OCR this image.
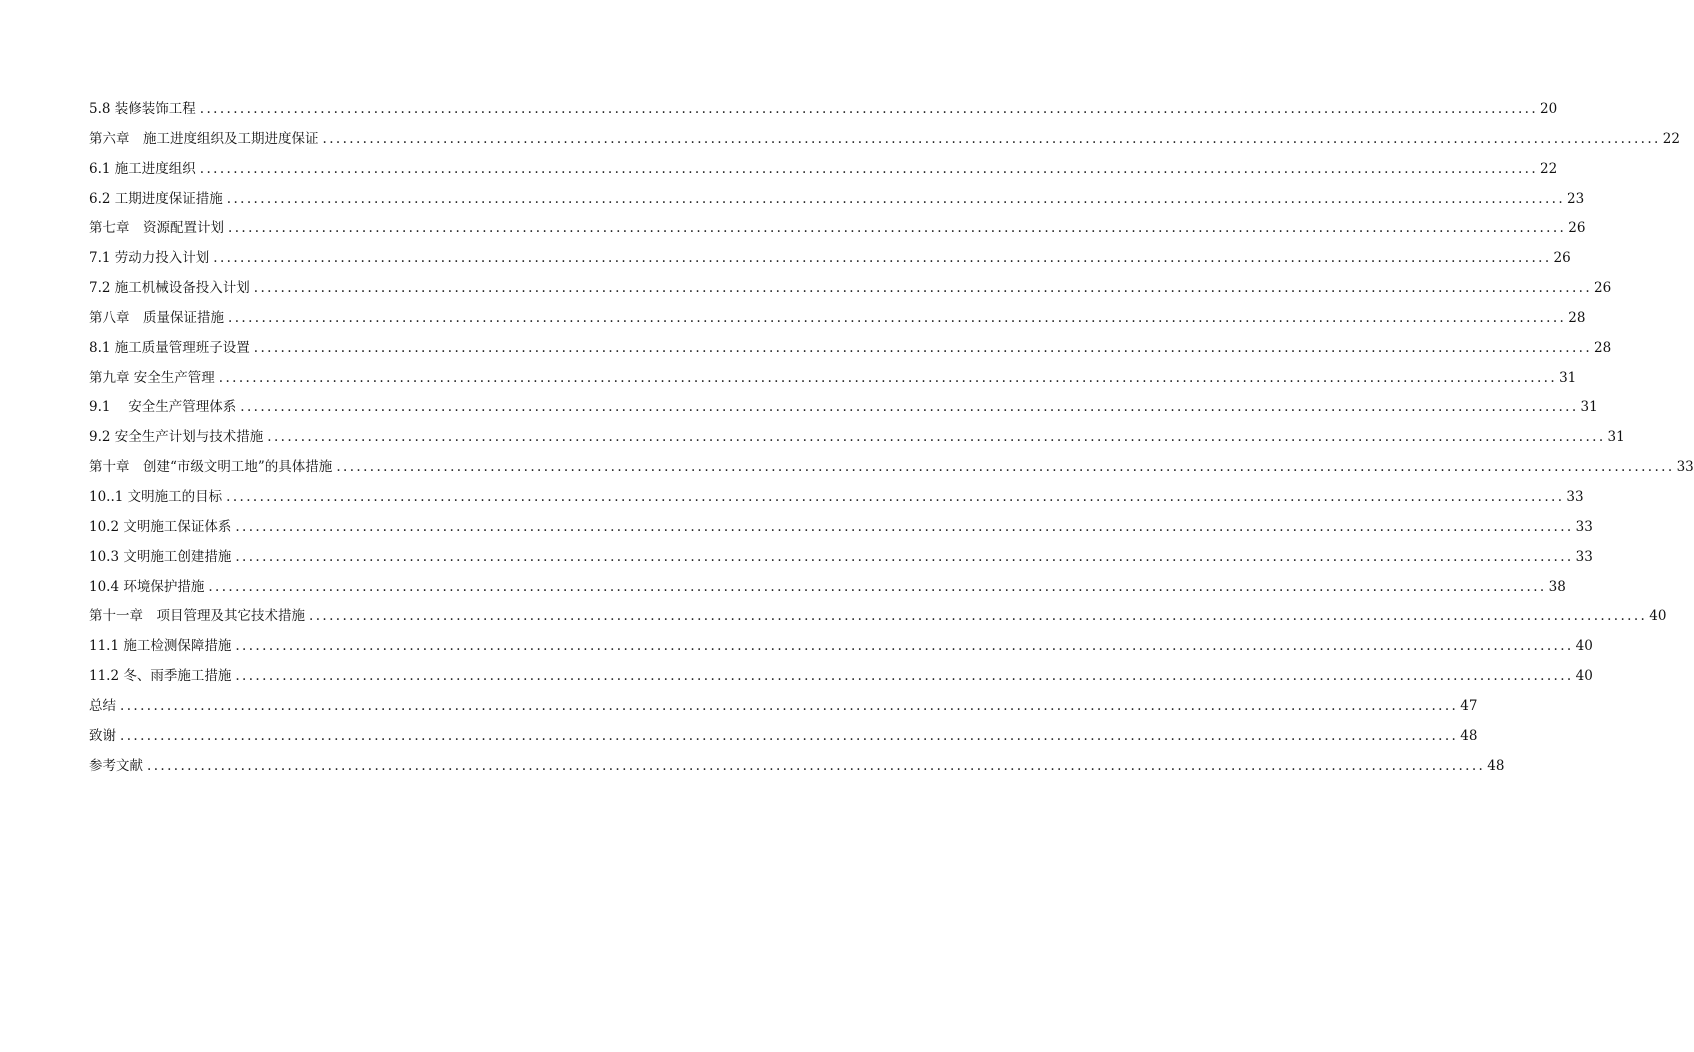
5.8 装修装饰工程 ........................................................................................................................................................................................................ 20
第六章　施工进度组织及工期进度保证 ........................................................................................................................................................................................................ 22
6.1 施工进度组织 ........................................................................................................................................................................................................ 22
6.2 工期进度保证措施 ........................................................................................................................................................................................................ 23
第七章　资源配置计划 ........................................................................................................................................................................................................ 26
7.1 劳动力投入计划 ........................................................................................................................................................................................................ 26
7.2 施工机械设备投入计划 ........................................................................................................................................................................................................ 26
第八章　质量保证措施 ........................................................................................................................................................................................................ 28
8.1 施工质量管理班子设置 ........................................................................................................................................................................................................ 28
第九章 安全生产管理 ........................................................................................................................................................................................................ 31
9.1　 安全生产管理体系 ........................................................................................................................................................................................................ 31
9.2 安全生产计划与技术措施 ........................................................................................................................................................................................................ 31
第十章　创建“市级文明工地”的具体措施 ........................................................................................................................................................................................................ 33
10..1 文明施工的目标 ........................................................................................................................................................................................................ 33
10.2 文明施工保证体系 ........................................................................................................................................................................................................ 33
10.3 文明施工创建措施 ........................................................................................................................................................................................................ 33
10.4 环境保护措施 ........................................................................................................................................................................................................ 38
第十一章　项目管理及其它技术措施 ........................................................................................................................................................................................................ 40
11.1 施工检测保障措施 ........................................................................................................................................................................................................ 40
11.2 冬、雨季施工措施 ........................................................................................................................................................................................................ 40
总结 ........................................................................................................................................................................................................ 47
致谢 ........................................................................................................................................................................................................ 48
参考文献 ........................................................................................................................................................................................................ 48
